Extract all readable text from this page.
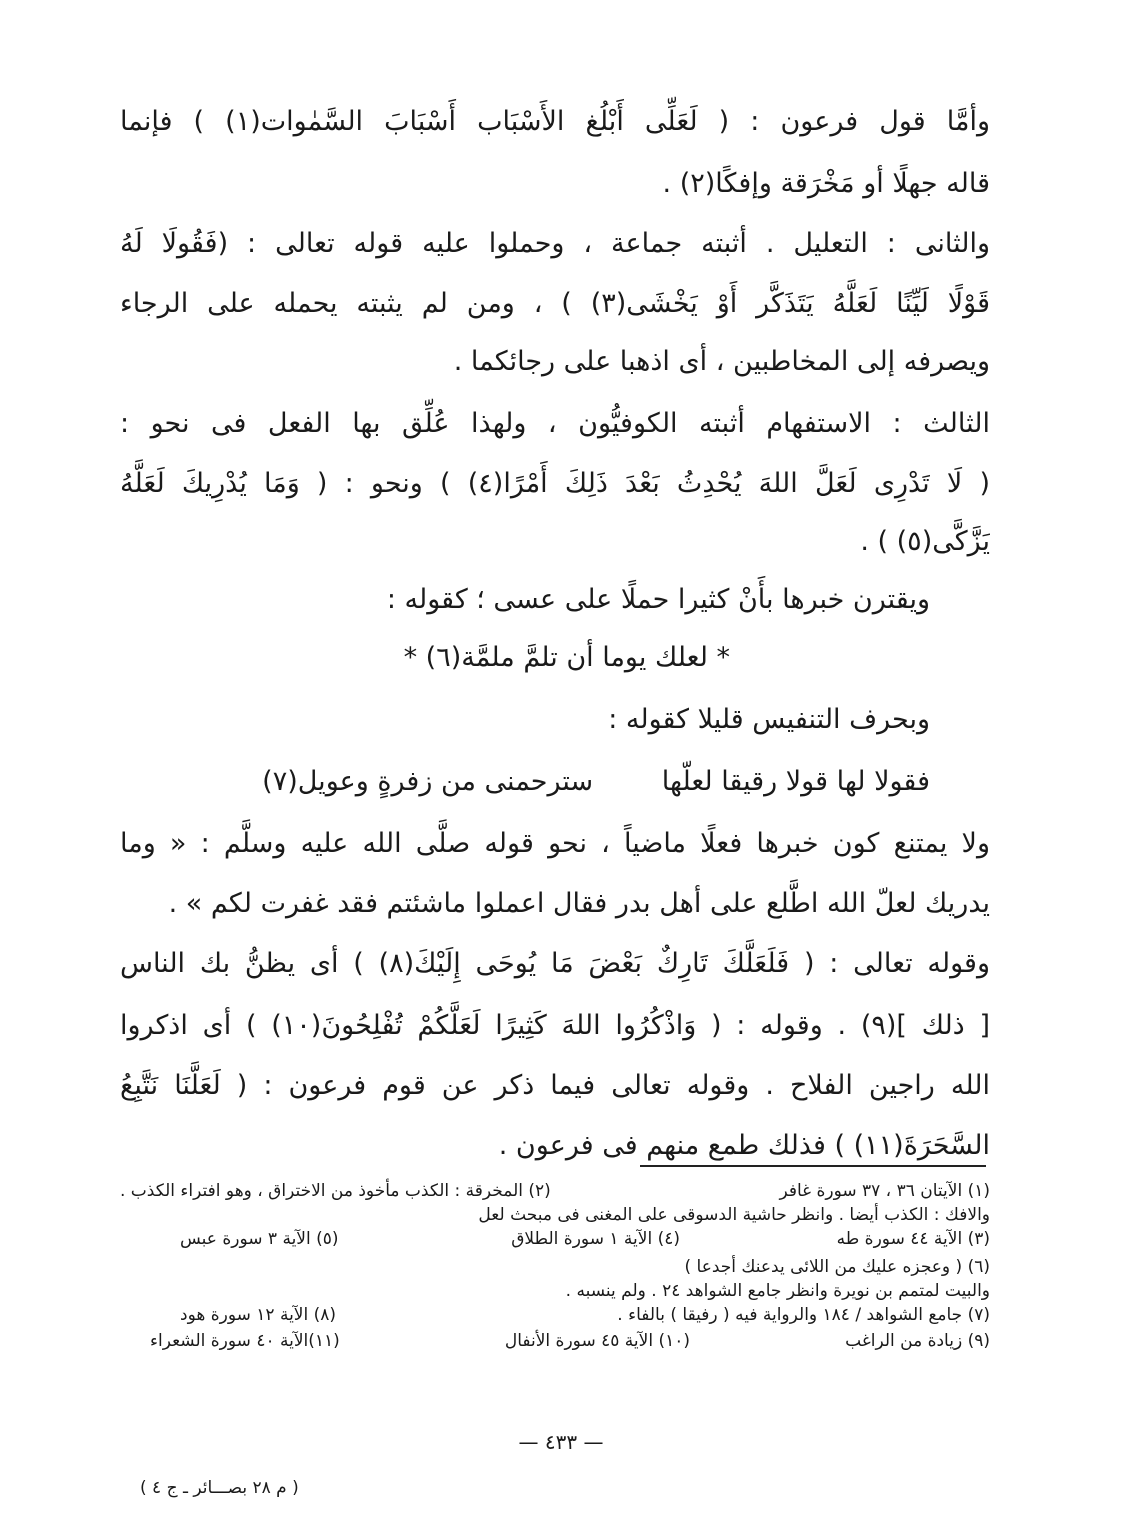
وأمَّا قول فرعون : ( لَعَلِّى أَبْلُغ الأَسْبَاب أَسْبَابَ السَّمٰوات(١) ) فإنما
قاله جهلًا أو مَخْرَقة وإفكًا(٢) .
والثانى : التعليل . أثبته جماعة ، وحملوا عليه قوله تعالى : (فَقُولَا لَهُ
قَوْلًا لَيِّنًا لَعَلَّهُ يَتَذَكَّر أَوْ يَخْشَى(٣) ) ، ومن لم يثبته يحمله على الرجاء
ويصرفه إلى المخاطبين ، أى اذهبا على رجائكما .
الثالث : الاستفهام أثبته الكوفيُّون ، ولهذا عُلِّق بها الفعل فى نحو :
( لَا تَدْرِى لَعَلَّ اللهَ يُحْدِثُ بَعْدَ ذَلِكَ أَمْرًا(٤) ) ونحو : ( وَمَا يُدْرِيكَ لَعَلَّهُ
يَزَّكَّى(٥) ) .
ويقترن خبرها بأَنْ كثيرا حملًا على عسى ؛ كقوله :
* لعلك يوما أن تلمَّ ملمَّة(٦) *
وبحرف التنفيس قليلا كقوله :
فقولا لها قولا رقيقا لعلّها سترحمنى من زفرةٍ وعويل(٧)
ولا يمتنع كون خبرها فعلًا ماضياً ، نحو قوله صلَّى الله عليه وسلَّم : « وما
يدريك لعلّ الله اطَّلع على أهل بدر فقال اعملوا ماشئتم فقد غفرت لكم » .
وقوله تعالى : ( فَلَعَلَّكَ تَارِكٌ بَعْضَ مَا يُوحَى إِلَيْكَ(٨) ) أى يظنُّ بك الناس
[ ذلك ](٩) . وقوله : ( وَاذْكُرُوا اللهَ كَثِيرًا لَعَلَّكُمْ تُفْلِحُونَ(١٠) ) أى اذكروا
الله راجين الفلاح . وقوله تعالى فيما ذكر عن قوم فرعون : ( لَعَلَّنَا نَتَّبِعُ
السَّحَرَةَ(١١) ) فذلك طمع منهم فى فرعون .
(١) الآيتان ٣٦ ، ٣٧ سورة غافر
(٢) المخرقة : الكذب مأخوذ من الاختراق ، وهو افتراء الكذب .
والافك : الكذب أيضا . وانظر حاشية الدسوقى على المغنى فى مبحث لعل
(٣) الآية ٤٤ سورة طه
(٤) الآية ١ سورة الطلاق
(٥) الآية ٣ سورة عبس
(٦) ( وعجزه عليك من اللائى يدعنك أجدعا )
والبيت لمتمم بن نويرة وانظر جامع الشواهد ٢٤ . ولم ينسبه .
(٧) جامع الشواهد / ١٨٤ والرواية فيه ( رفيقا ) بالفاء .
(٨) الآية ١٢ سورة هود
(٩) زيادة من الراغب
(١٠) الآية ٤٥ سورة الأنفال
(١١)الآية ٤٠ سورة الشعراء
— ٤٣٣ —
( م ٢٨ بصـــائر ـ ج ٤ )
